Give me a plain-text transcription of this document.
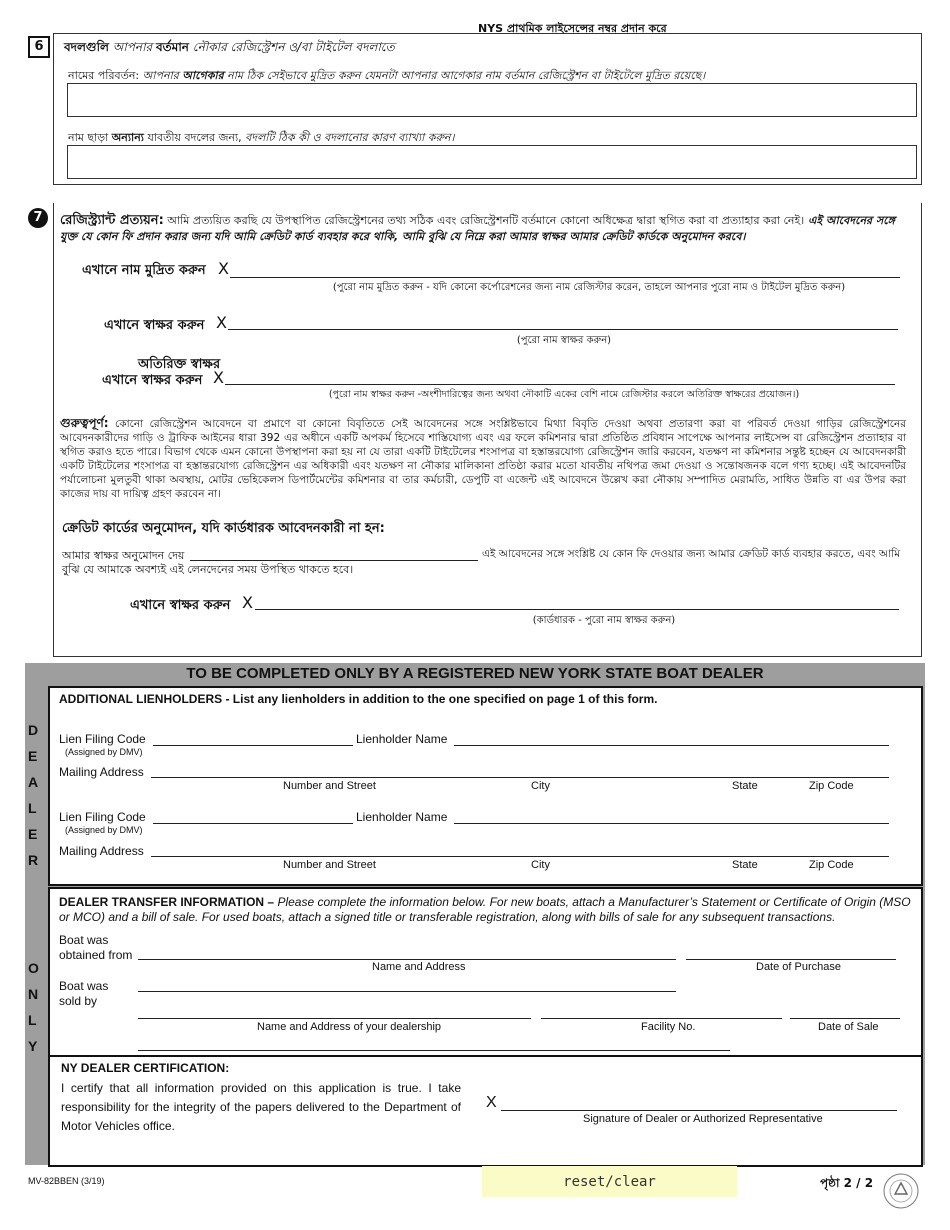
NYS প্রাথমিক লাইসেন্সের নম্বর প্রদান করে
6	বদলগুলি আপনার বর্তমান নৌকার রেজিস্ট্রেশন ও/বা টাইটেল বদলাতে
নামের পরিবর্তন: আপনার আগেকার নাম ঠিক সেইভাবে মুদ্রিত করুন যেমনটা আপনার আগেকার নাম বর্তমান রেজিস্ট্রেশন বা টাইটেলে মুদ্রিত রয়েছে।
নাম ছাড়া অন্যান্য যাবতীয় বদলের জন্য, বদলটি ঠিক কী ও বদলানোর কারণ ব্যাখ্যা করুন।
7	রেজিস্ট্র্যান্ট প্রত্যয়ন: আমি প্রত্যয়িত করছি যে উপস্থাপিত রেজিস্ট্রেশনের তথ্য সঠিক এবং রেজিস্ট্রেশনটি বর্তমানে কোনো অধিক্ষেত্র দ্বারা স্থগিত করা বা প্রত্যাহার করা নেই। এই আবেদনের সঙ্গে যুক্ত যে কোন ফি প্রদান করার জন্য যদি আমি ক্রেডিট কার্ড ব্যবহার করে থাকি, আমি বুঝি যে নিম্নে করা আমার স্বাক্ষর আমার ক্রেডিট কার্ডকে অনুমোদন করবে।
এখানে নাম মুদ্রিত করুন X
(পুরো নাম মুদ্রিত করুন - যদি কোনো কর্পোরেশনের জন্য নাম রেজিস্টার করেন, তাহলে আপনার পুরো নাম ও টাইটেল মুদ্রিত করুন)
এখানে স্বাক্ষর করুন X
(পুরো নাম স্বাক্ষর করুন)
অতিরিক্ত স্বাক্ষর
এখানে স্বাক্ষর করুন X
(পুরো নাম স্বাক্ষর করুন -অংশীদারিত্বের জন্য অথবা নৌকাটি একের বেশি নামে রেজিস্টার করলে অতিরিক্ত স্বাক্ষরের প্রয়োজন।)
গুরুত্বপূর্ণ: কোনো রেজিস্ট্রেশন আবেদনে বা প্রমাণে বা কোনো বিবৃতিতে সেই আবেদনের সঙ্গে সংশ্লিষ্টভাবে মিথ্যা বিবৃতি দেওয়া অথবা প্রতারণা করা বা পরিবর্ত দেওয়া গাড়ির রেজিস্ট্রেশনের আবেদনকারীদের গাড়ি ও ট্রাফিক আইনের ধারা 392 এর অধীনে একটি অপকর্ম হিসেবে শাস্তিযোগ্য এবং এর ফলে কমিশনার দ্বারা প্রতিষ্ঠিত প্রবিধান সাপেক্ষে আপনার লাইসেন্স বা রেজিস্ট্রেশন প্রত্যাহার বা স্থগিত করাও হতে পারে। বিভাগ থেকে এমন কোনো উপস্থাপনা করা হয় না যে তারা একটি টাইটেলের শংসাপত্র বা হস্তান্তরযোগ্য রেজিস্ট্রেশন জারি করবেন, যতক্ষণ না কমিশনার সন্তুষ্ট হচ্ছেন যে আবেদনকারী একটি টাইটেলের শংসাপত্র বা হস্তান্তরযোগ্য রেজিস্ট্রেশন এর অধিকারী এবং যতক্ষণ না নৌকার মালিকানা প্রতিষ্ঠা করার মতো যাবতীয় নথিপত্র জমা দেওয়া ও সন্তোষজনক বলে গণ্য হচ্ছে। এই আবেদনটির পর্যালোচনা মুলতুবী থাকা অবস্থায়, মোটর ভেহিকেলস ডিপার্টমেন্টের কমিশনার বা তার কর্মচারী, ডেপুটি বা এজেন্ট এই আবেদনে উল্লেখ করা নৌকায় সম্পাদিত মেরামতি, সাধিত উন্নতি বা এর উপর করা কাজের দায় বা দায়িত্ব গ্রহণ করবেন না।
ক্রেডিট কার্ডের অনুমোদন, যদি কার্ডধারক আবেদনকারী না হন:
আমার স্বাক্ষর অনুমোদন দেয়	এই আবেদনের সঙ্গে সংশ্লিষ্ট যে কোন ফি দেওয়ার জন্য আমার ক্রেডিট কার্ড ব্যবহার করতে, এবং আমি
বুঝি যে আমাকে অবশ্যই এই লেনদেনের সময় উপস্থিত থাকতে হবে।
এখানে স্বাক্ষর করুন X
(কার্ডধারক - পুরো নাম স্বাক্ষর করুন)
TO BE COMPLETED ONLY BY A REGISTERED NEW YORK STATE BOAT DEALER
D
E
A
L
E
R
O
N
L
Y
ADDITIONAL LIENHOLDERS - List any lienholders in addition to the one specified on page 1 of this form.
Lien Filing Code
(Assigned by DMV)
Lienholder Name
Mailing Address
Number and Street	City	State	Zip Code
Lien Filing Code
(Assigned by DMV)
Lienholder Name
Mailing Address
Number and Street	City	State	Zip Code
DEALER TRANSFER INFORMATION – Please complete the information below. For new boats, attach a Manufacturer’s Statement or Certificate of Origin (MSO or MCO) and a bill of sale. For used boats, attach a signed title or transferable registration, along with bills of sale for any subsequent transactions.
Boat was
obtained from
Name and Address	Date of Purchase
Boat was
sold by
Name and Address of your dealership	Facility No.	Date of Sale
NY DEALER CERTIFICATION:
I certify that all information provided on this application is true. I take responsibility for the integrity of the papers delivered to the Department of Motor Vehicles office.
X
Signature of Dealer or Authorized Representative
MV-82BBEN (3/19)	reset/clear	পৃষ্ঠা 2 / 2
